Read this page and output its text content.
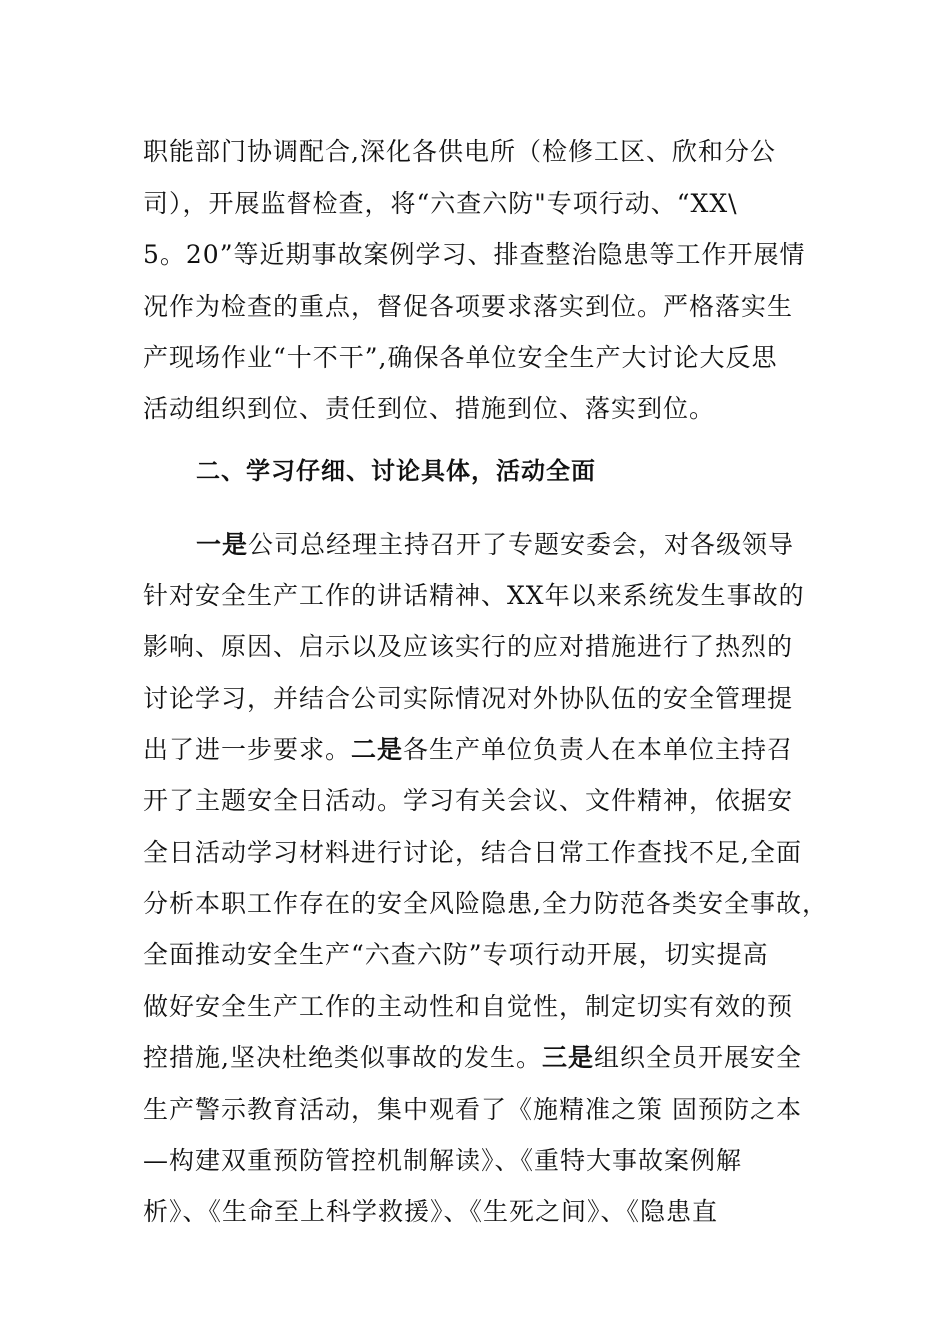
职能部门协调配合,深化各供电所（检修工区、欣和分公
司），开展监督检查，将“六查六防"专项行动、“XX\
5。20”等近期事故案例学习、排查整治隐患等工作开展情
况作为检查的重点，督促各项要求落实到位。严格落实生
产现场作业“十不干”,确保各单位安全生产大讨论大反思
活动组织到位、责任到位、措施到位、落实到位。
二、学习仔细、讨论具体，活动全面
一是公司总经理主持召开了专题安委会，对各级领导
针对安全生产工作的讲话精神、XX年以来系统发生事故的
影响、原因、启示以及应该实行的应对措施进行了热烈的
讨论学习，并结合公司实际情况对外协队伍的安全管理提
出了进一步要求。二是各生产单位负责人在本单位主持召
开了主题安全日活动。学习有关会议、文件精神，依据安
全日活动学习材料进行讨论，结合日常工作查找不足,全面
分析本职工作存在的安全风险隐患,全力防范各类安全事故，
全面推动安全生产“六查六防”专项行动开展，切实提高
做好安全生产工作的主动性和自觉性，制定切实有效的预
控措施,坚决杜绝类似事故的发生。三是组织全员开展安全
生产警示教育活动，集中观看了《施精准之策 固预防之本
—构建双重预防管控机制解读》、《重特大事故案例解
析》、《生命至上科学救援》、《生死之间》、《隐患直
